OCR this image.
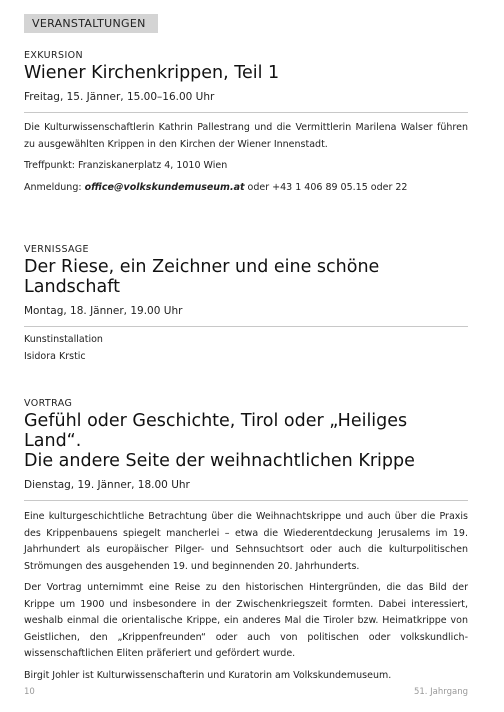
VERANSTALTUNGEN
EXKURSION
Wiener Kirchenkrippen, Teil 1
Freitag, 15. Jänner, 15.00–16.00 Uhr

Die Kulturwissenschaftlerin Kathrin Pallestrang und die Vermittlerin Marilena Walser führen zu ausgewählten Krippen in den Kirchen der Wiener Innenstadt.

Treffpunkt: Franziskanerplatz 4, 1010 Wien

Anmeldung: office@volkskundemuseum.at oder +43 1 406 89 05.15 oder 22

VERNISSAGE
Der Riese, ein Zeichner und eine schöne Landschaft
Montag, 18. Jänner, 19.00 Uhr

Kunstinstallation

Isidora Krstic

VORTRAG
Gefühl oder Geschichte, Tirol oder „Heiliges Land“.
Die andere Seite der weihnachtlichen Krippe
Dienstag, 19. Jänner, 18.00 Uhr

Eine kulturgeschichtliche Betrachtung über die Weihnachtskrippe und auch über die Praxis des Krippenbauens spiegelt mancherlei – etwa die Wiederentdeckung Jerusalems im 19. Jahrhundert als europäischer Pilger- und Sehnsuchtsort oder auch die kulturpolitischen Strömungen des ausgehenden 19. und beginnenden 20. Jahrhunderts.

Der Vortrag unternimmt eine Reise zu den historischen Hintergründen, die das Bild der Krippe um 1900 und insbesondere in der Zwischenkriegszeit formten. Dabei interessiert, weshalb einmal die orientalische Krippe, ein anderes Mal die Tiroler bzw. Heimatkrippe von Geistlichen, den „Krippenfreunden“ oder auch von politischen oder volkskundlich-wissenschaftlichen Eliten präferiert und gefördert wurde.

Birgit Johler ist Kulturwissenschafterin und Kuratorin am Volkskundemuseum.

10	51. Jahrgang
